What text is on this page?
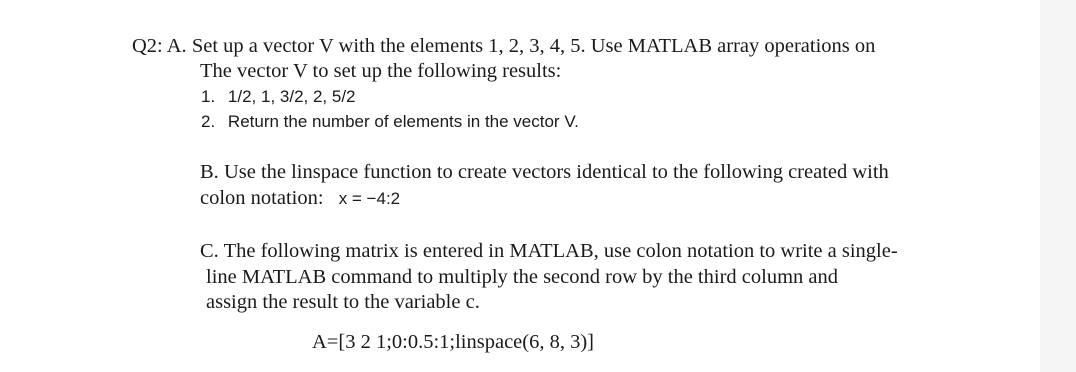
Q2: A. Set up a vector V with the elements 1, 2, 3, 4, 5. Use MATLAB array operations on
The vector V to set up the following results:
1. 1/2, 1, 3/2, 2, 5/2
2. Return the number of elements in the vector V.
B. Use the linspace function to create vectors identical to the following created with
colon notation: x = −4:2
C. The following matrix is entered in MATLAB, use colon notation to write a single-
line MATLAB command to multiply the second row by the third column and
assign the result to the variable c.
A=[3 2 1;0:0.5:1;linspace(6, 8, 3)]
